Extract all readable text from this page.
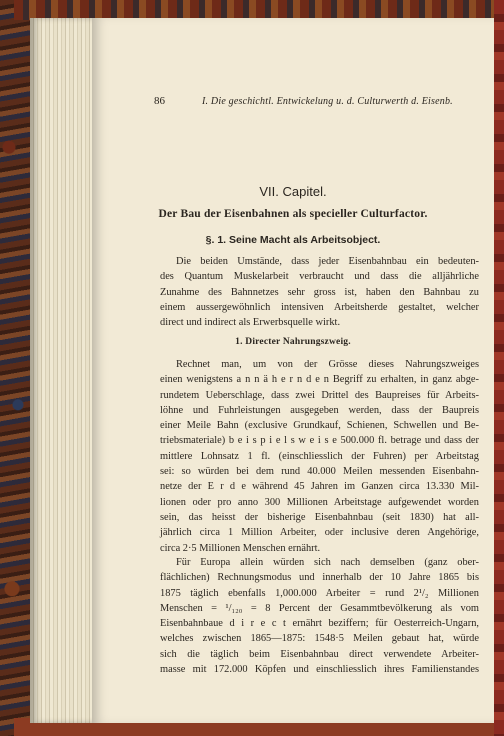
86	I. Die geschichtl. Entwickelung u. d. Culturwerth d. Eisenb.
VII. Capitel.
Der Bau der Eisenbahnen als specieller Culturfactor.
§. 1. Seine Macht als Arbeitsobject.
Die beiden Umstände, dass jeder Eisenbahnbau ein bedeuten-
des Quantum Muskelarbeit verbraucht und dass die alljährliche
Zunahme des Bahnnetzes sehr gross ist, haben den Bahnbau zu
einem aussergewöhnlich intensiven Arbeitsherde gestaltet, welcher
direct und indirect als Erwerbsquelle wirkt.
1. Directer Nahrungszweig.
Rechnet man, um von der Grösse dieses Nahrungszweiges
einen wenigstens a n n ä h e r n d e n Begriff zu erhalten, in ganz abge-
rundetem Ueberschlage, dass zwei Drittel des Baupreises für Arbeits-
löhne und Fuhrleistungen ausgegeben werden, dass der Baupreis
einer Meile Bahn (exclusive Grundkauf, Schienen, Schwellen und Be-
triebsmateriale) b e i s p i e l s w e i s e 500.000 fl. betrage und dass der
mittlere Lohnsatz 1 fl. (einschliesslich der Fuhren) per Arbeitstag
sei: so würden bei dem rund 40.000 Meilen messenden Eisenbahn-
netze der E r d e während 45 Jahren im Ganzen circa 13.330 Mil-
lionen oder pro anno 300 Millionen Arbeitstage aufgewendet worden
sein, das heisst der bisherige Eisenbahnbau (seit 1830) hat all-
jährlich circa 1 Million Arbeiter, oder inclusive deren Angehörige,
circa 2·5 Millionen Menschen ernährt.
Für Europa allein würden sich nach demselben (ganz ober-
flächlichen) Rechnungsmodus und innerhalb der 10 Jahre 1865 bis
1875 täglich ebenfalls 1,000.000 Arbeiter = rund 2¹/₂ Millionen
Menschen = ¹/₁₂₀ = 8 Percent der Gesammtbevölkerung als vom
Eisenbahnbaue d i r e c t ernährt beziffern; für Oesterreich-Ungarn,
welches zwischen 1865—1875: 1548·5 Meilen gebaut hat, würde
sich die täglich beim Eisenbahnbau direct verwendete Arbeiter-
masse mit 172.000 Köpfen und einschliesslich ihres Familienstandes
